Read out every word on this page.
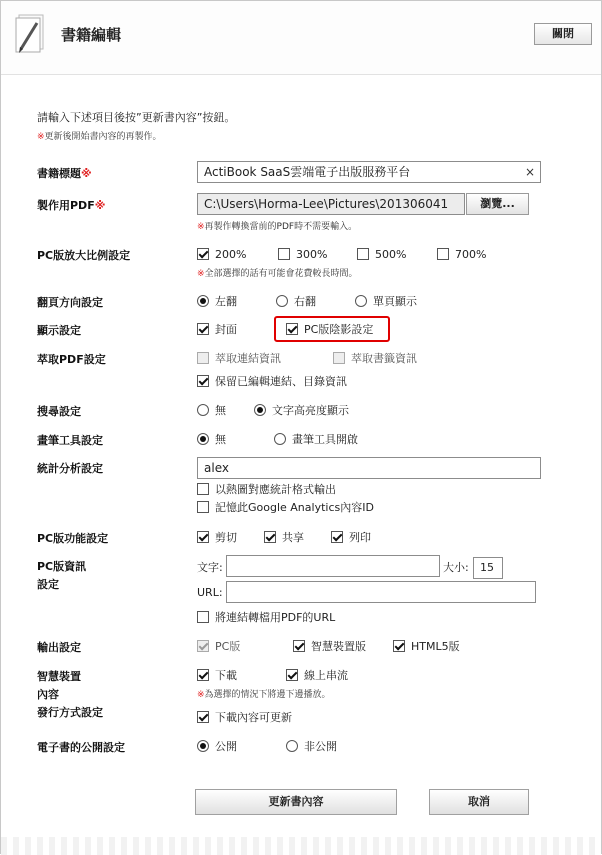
書籍編輯	關閉
請輸入下述項目後按”更新書內容”按鈕。
※更新後開始書內容的再製作。
書籍標題※	ActiBook SaaS雲端電子出版服務平台	×
製作用PDF※	C:\Users\Horma-Lee\Pictures\201306041	瀏覽...
※再製作轉換當前的PDF時不需要輸入。
PC版放大比例設定	200%	300%	500%	700%
※全部選擇的話有可能會花費較長時間。
翻頁方向設定	左翻	右翻	單頁顯示
顯示設定	封面	PC版陰影設定
萃取PDF設定	萃取連結資訊	萃取書籤資訊
保留已編輯連結、目錄資訊
搜尋設定	無	文字高亮度顯示
畫筆工具設定	無	畫筆工具開啟
統計分析設定	alex
以熱圖對應統計格式輸出
記憶此Google Analytics內容ID
PC版功能設定	剪切	共享	列印
PC版資訊
設定
文字:	大小:	15
URL:
將連結轉檔用PDF的URL
輸出設定	PC版	智慧裝置版	HTML5版
智慧裝置
內容
發行方式設定
下載	線上串流
※為選擇的情況下將邊下邊播放。
下載內容可更新
電子書的公開設定	公開	非公開
更新書內容	取消
